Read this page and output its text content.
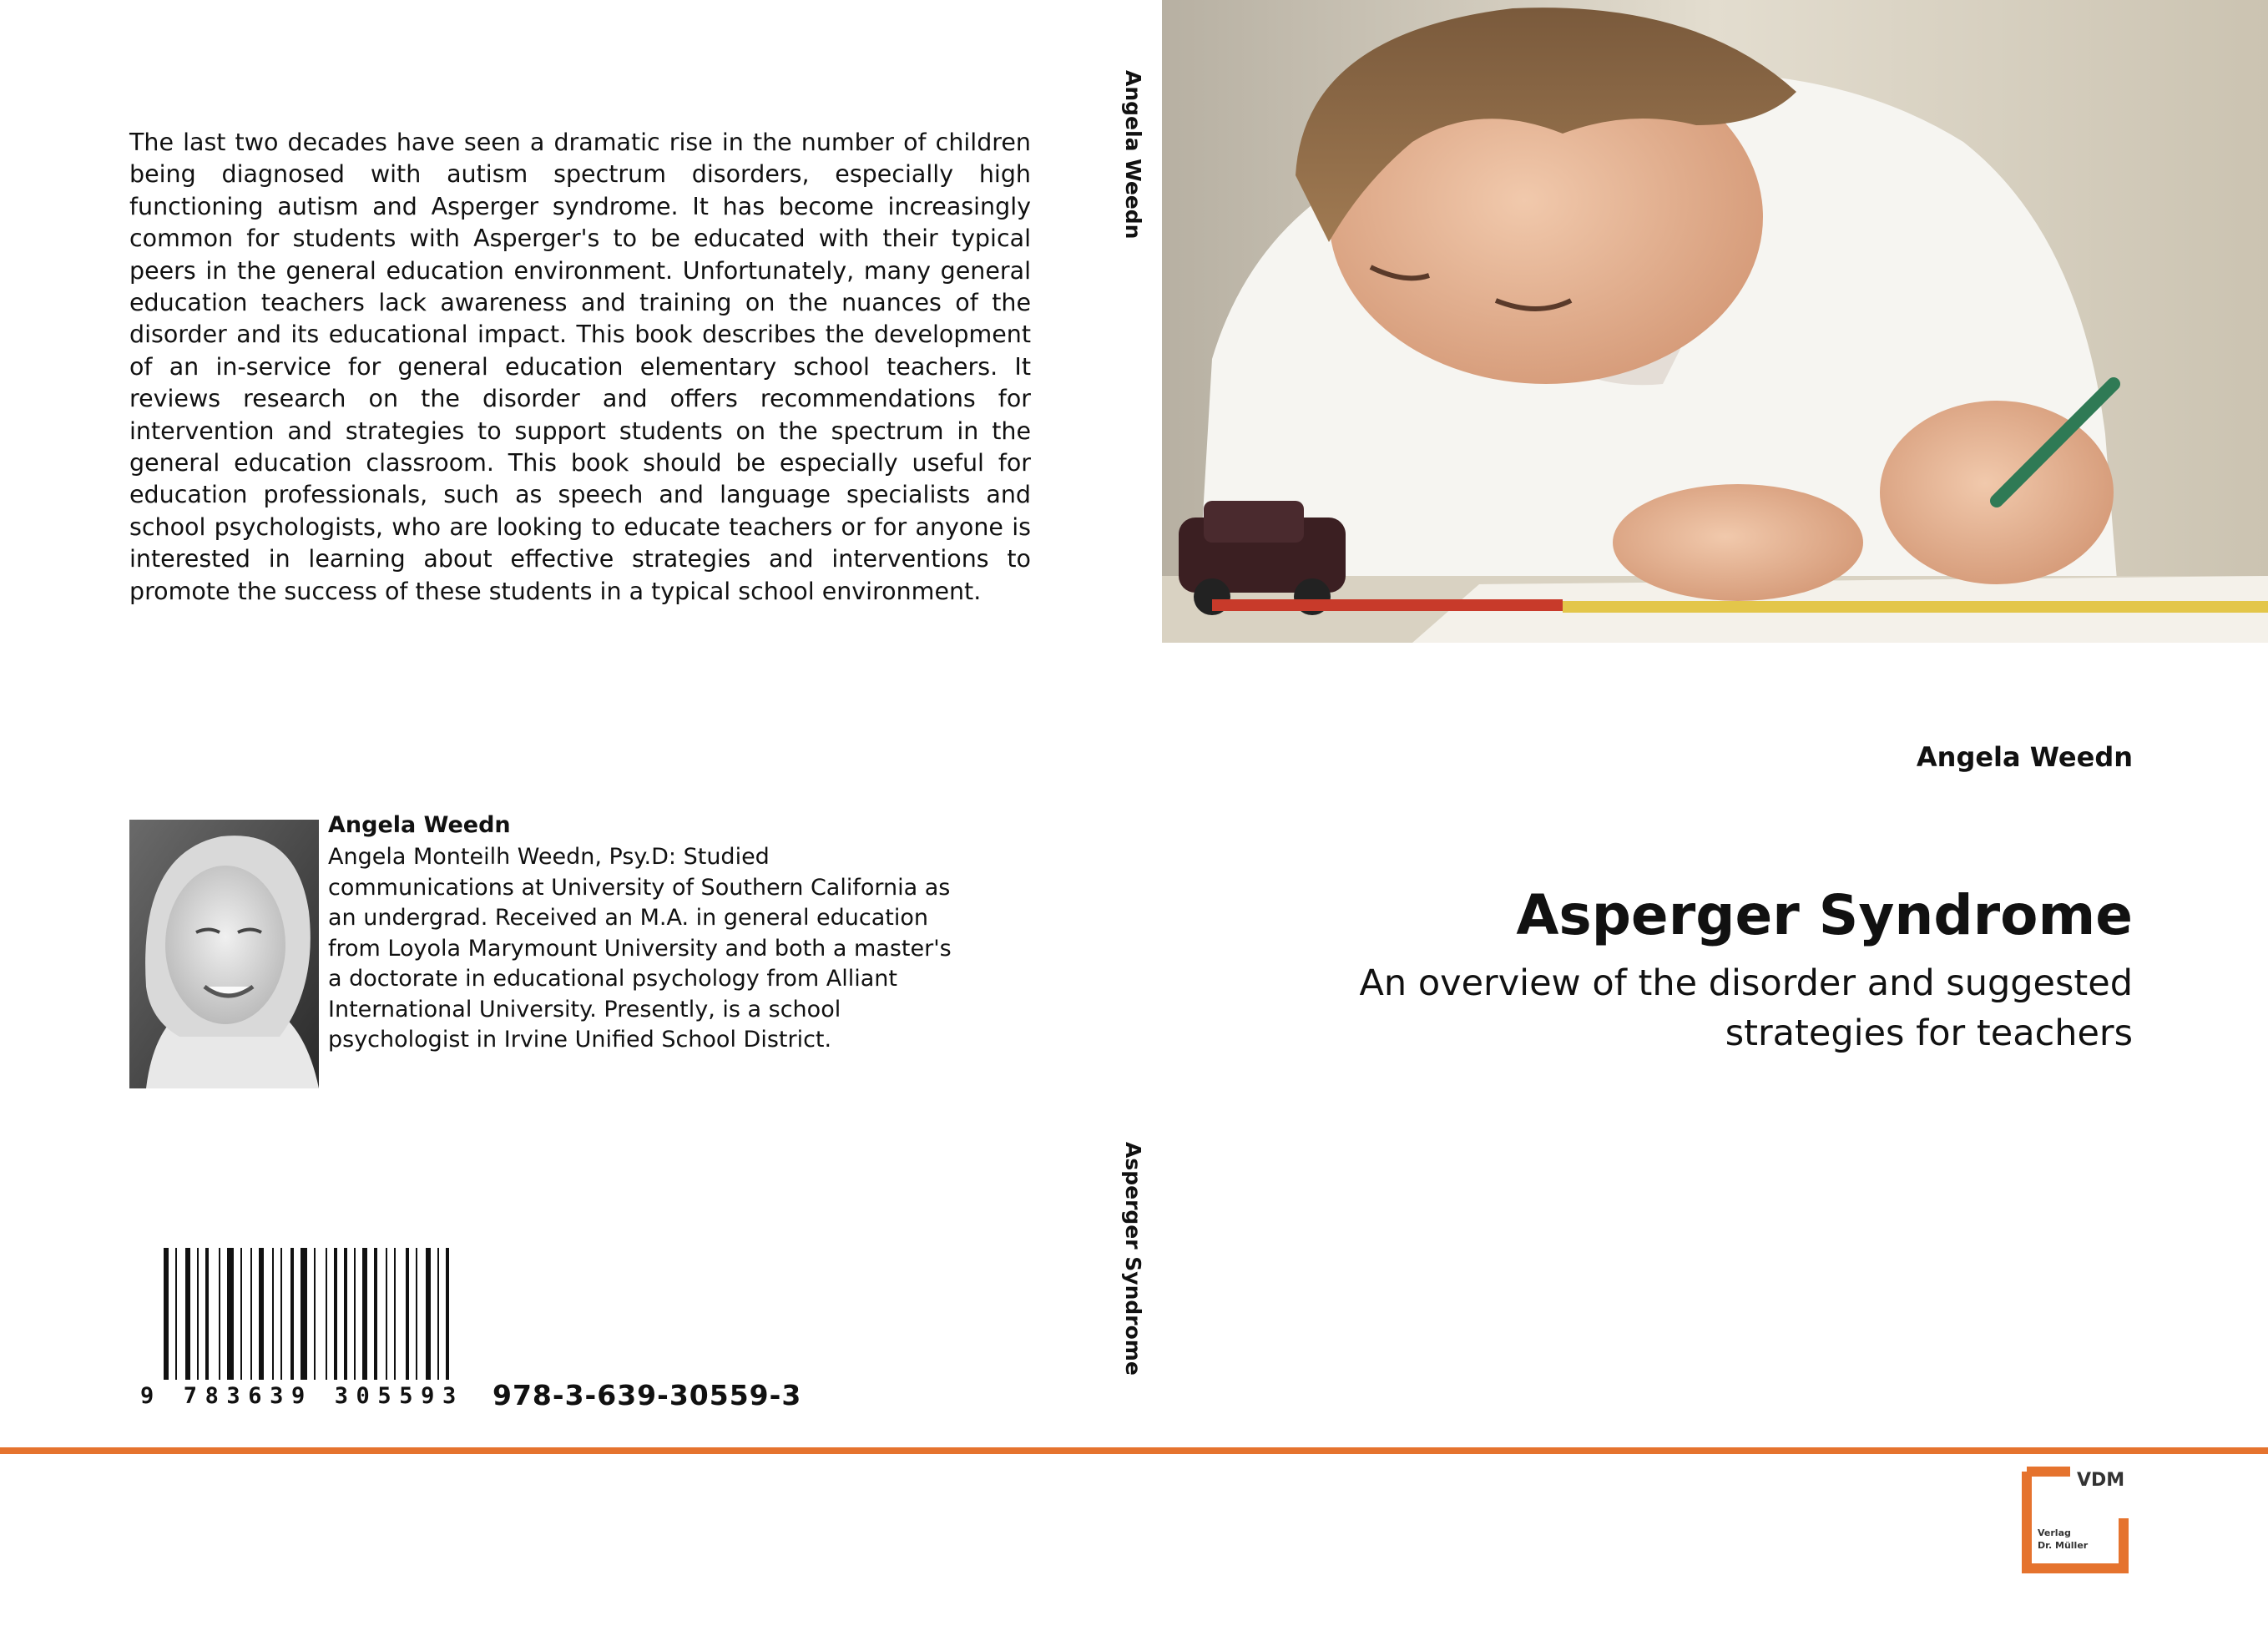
The last two decades have seen a dramatic rise in the number of children being diagnosed with autism spectrum disorders, especially high functioning autism and Asperger syndrome. It has become increasingly common for students with Asperger's to be educated with their typical peers in the general education environment. Unfortunately, many general education teachers lack awareness and training on the nuances of the disorder and its educational impact. This book describes the development of an in-service for general education elementary school teachers. It reviews research on the disorder and offers recommendations for intervention and strategies to support students on the spectrum in the general education classroom. This book should be especially useful for education professionals, such as speech and language specialists and school psychologists, who are looking to educate teachers or for anyone is interested in learning about effective strategies and interventions to promote the success of these students in a typical school environment.
Angela Weedn
Asperger Syndrome
Angela Weedn
Asperger Syndrome
An overview of the disorder and suggested strategies for teachers
Angela Weedn
Angela Monteilh Weedn, Psy.D: Studied communications at University of Southern California as an undergrad. Received an M.A. in general education from Loyola Marymount University and both a master's a doctorate in educational psychology from Alliant International University. Presently, is a school psychologist in Irvine Unified School District.
9 783639 305593 978-3-639-30559-3
VDM
Verlag
Dr. Müller
